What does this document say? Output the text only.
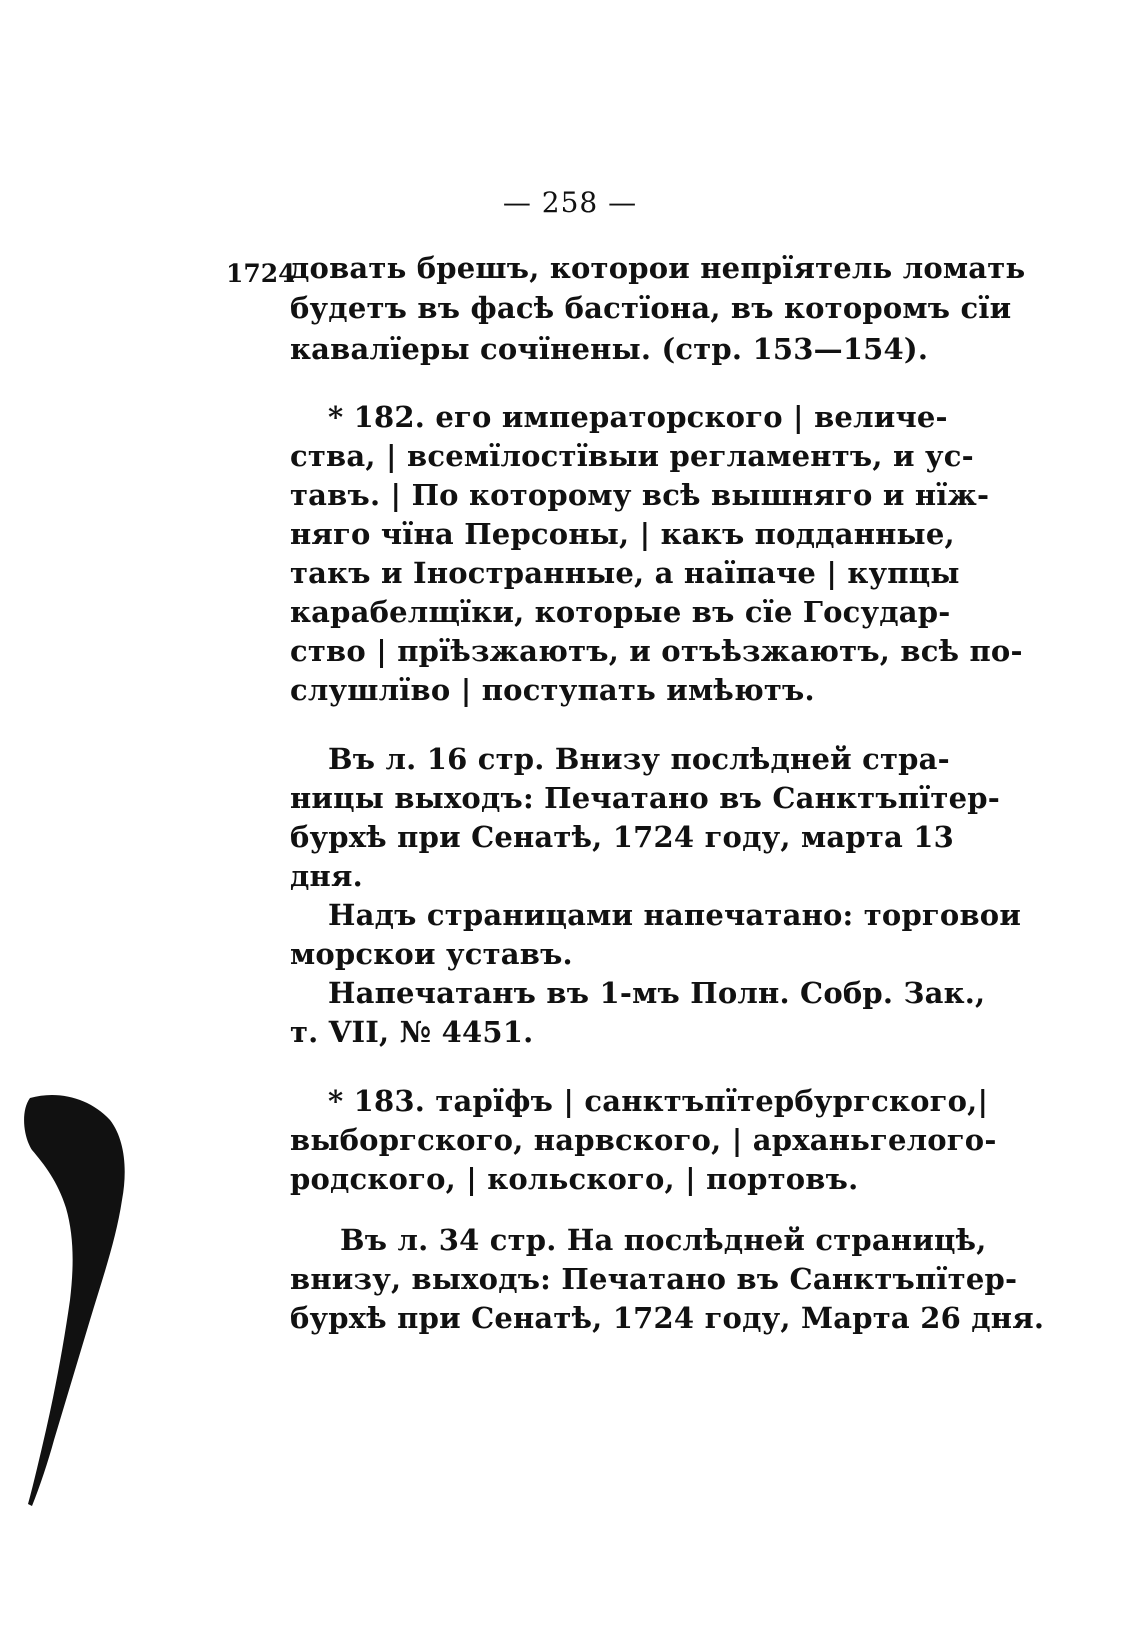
— 258 —
1724
довать брешъ, которои непрїятель ломать
будетъ въ фасѣ бастїона, въ которомъ сїи
кавалїеры сочїнены. (стр. 153—154).
* 182. его императорского | величе-
ства, | всемїлостївыи регламентъ, и ус-
тавъ. | По которому всѣ вышняго и нїж-
няго чїна Персоны, | какъ подданные,
такъ и Іностранные, а наїпаче | купцы
карабелщїки, которые въ сїе Государ-
ство | прїѣзжаютъ, и отъѣзжаютъ, всѣ по-
слушлїво | поступать имѣютъ.
Въ л. 16 стр. Внизу послѣдней стра-
ницы выходъ: Печатано въ Санктъпїтер-
бурхѣ при Сенатѣ, 1724 году, марта 13
дня.
Надъ страницами напечатано: торговои
морскои уставъ.
Напечатанъ въ 1-мъ Полн. Собр. Зак.,
т. VII, № 4451.
* 183. тарїфъ | санктъпїтербургского,|
выборгского, нарвского, | арханьгелого-
родского, | кольского, | портовъ.
Въ л. 34 стр. На послѣдней страницѣ,
внизу, выходъ: Печатано въ Санктъпїтер-
бурхѣ при Сенатѣ, 1724 году, Марта 26 дня.
